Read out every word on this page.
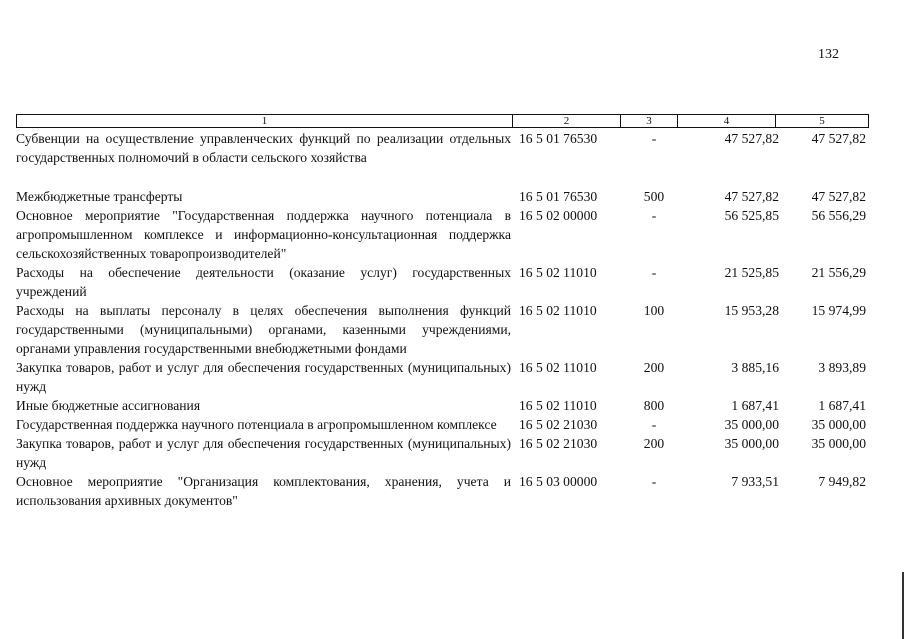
132
1	2	3	4	5
Субвенции на осуществление управленческих функций по реализации отдельных государственных полномочий в области сельского хозяйства	16 5 01 76530	-	47 527,82	47 527,82

Межбюджетные трансферты	16 5 01 76530	500	47 527,82	47 527,82
Основное мероприятие "Государственная поддержка научного потенциала в агропромышленном комплексе и информационно-консультационная поддержка сельскохозяйственных товаропроизводителей"	16 5 02 00000	-	56 525,85	56 556,29
Расходы на обеспечение деятельности (оказание услуг) государственных учреждений	16 5 02 11010	-	21 525,85	21 556,29
Расходы на выплаты персоналу в целях обеспечения выполнения функций государственными (муниципальными) органами, казенными учреждениями, органами управления государственными внебюджетными фондами	16 5 02 11010	100	15 953,28	15 974,99
Закупка товаров, работ и услуг для обеспечения государственных (муниципальных) нужд	16 5 02 11010	200	3 885,16	3 893,89
Иные бюджетные ассигнования	16 5 02 11010	800	1 687,41	1 687,41
Государственная поддержка научного потенциала в агропромышленном комплексе	16 5 02 21030	-	35 000,00	35 000,00
Закупка товаров, работ и услуг для обеспечения государственных (муниципальных) нужд	16 5 02 21030	200	35 000,00	35 000,00
Основное мероприятие "Организация комплектования, хранения, учета и использования архивных документов"	16 5 03 00000	-	7 933,51	7 949,82
